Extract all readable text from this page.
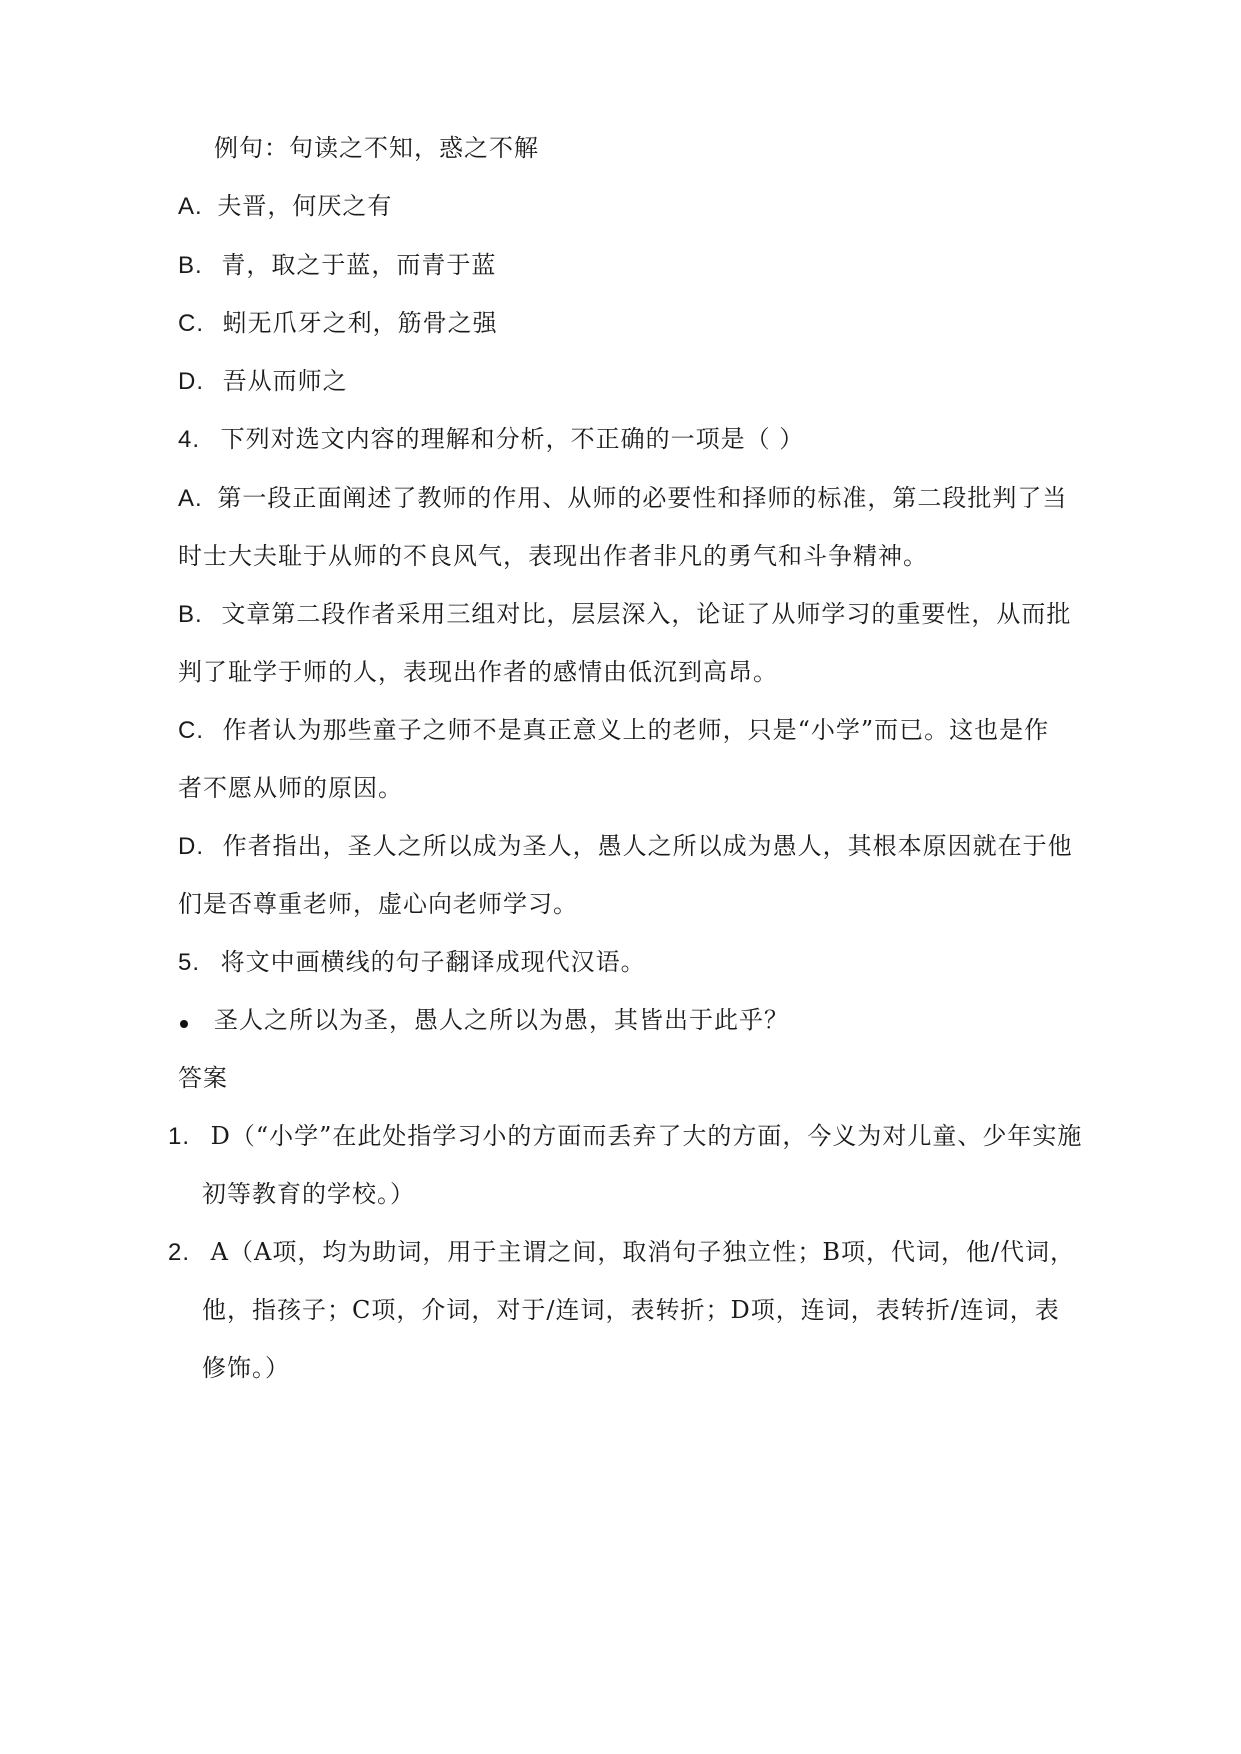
例句：句读之不知，惑之不解
A. 夫晋，何厌之有
B. 青，取之于蓝，而青于蓝
C. 蚓无爪牙之利，筋骨之强
D. 吾从而师之
4. 下列对选文内容的理解和分析，不正确的一项是（ ）
A. 第一段正面阐述了教师的作用、从师的必要性和择师的标准，第二段批判了当
时士大夫耻于从师的不良风气，表现出作者非凡的勇气和斗争精神。
B. 文章第二段作者采用三组对比，层层深入，论证了从师学习的重要性，从而批
判了耻学于师的人，表现出作者的感情由低沉到高昂。
C. 作者认为那些童子之师不是真正意义上的老师，只是“小学”而已。这也是作
者不愿从师的原因。
D. 作者指出，圣人之所以成为圣人，愚人之所以成为愚人，其根本原因就在于他
们是否尊重老师，虚心向老师学习。
5. 将文中画横线的句子翻译成现代汉语。
圣人之所以为圣，愚人之所以为愚，其皆出于此乎？
答案
1. D（“小学”在此处指学习小的方面而丢弃了大的方面，今义为对儿童、少年实施
初等教育的学校。）
2. A（A项，均为助词，用于主谓之间，取消句子独立性；B项，代词，他/代词，
他，指孩子；C项，介词，对于/连词，表转折；D项，连词，表转折/连词，表
修饰。）
